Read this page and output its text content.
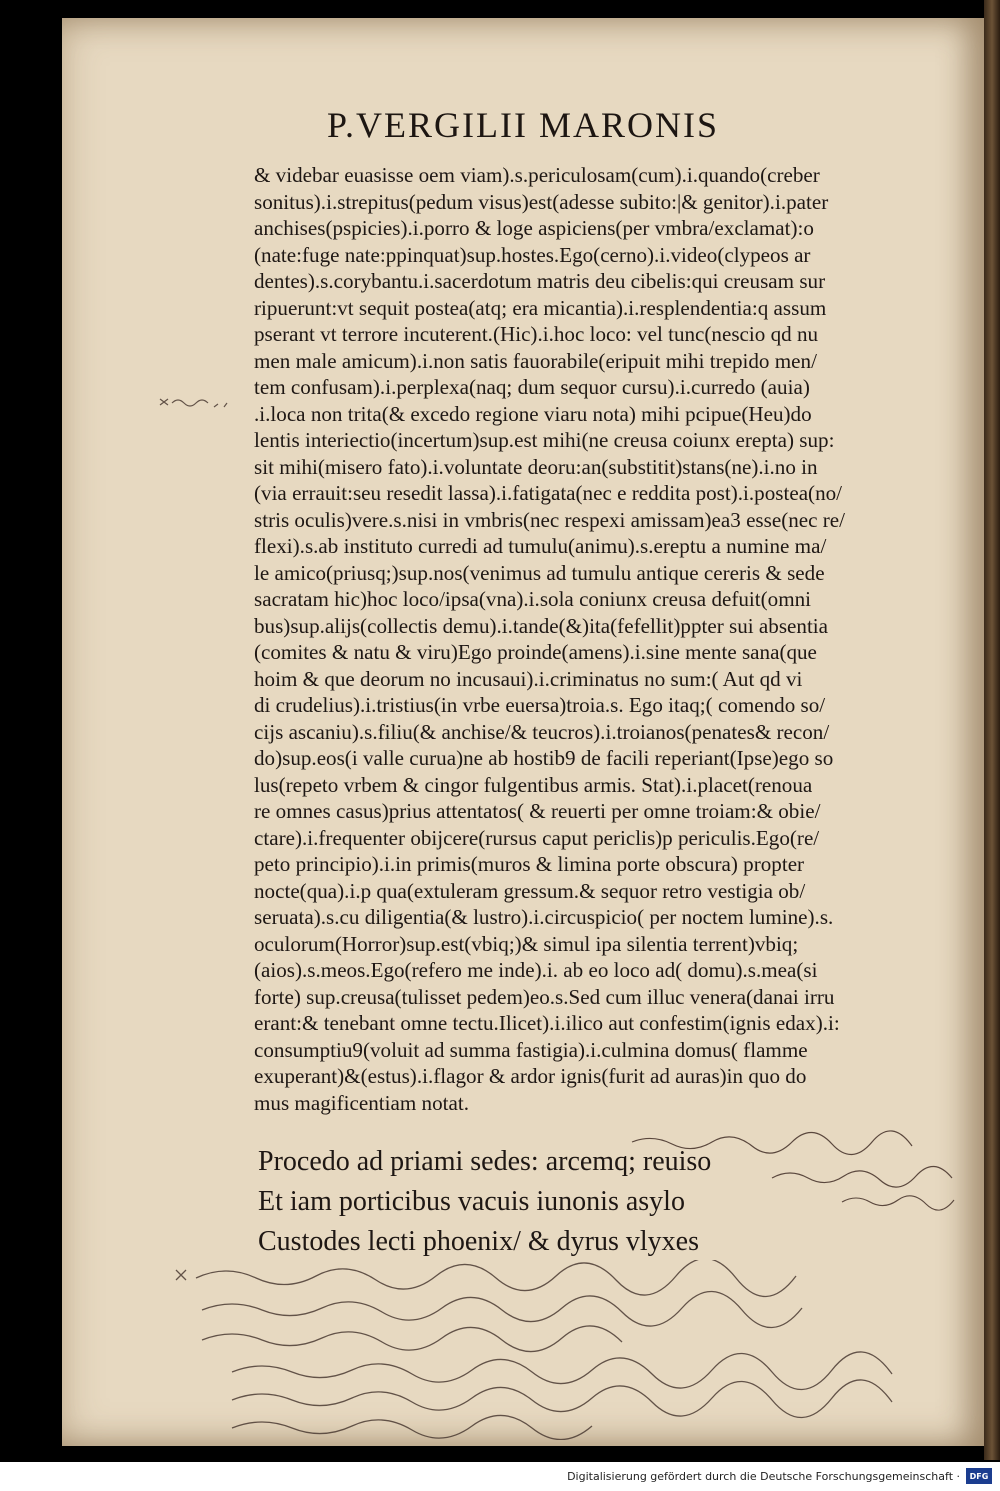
P.VERGILII MARONIS
& videbar euasisse oem viam).s.periculosam(cum).i.quando(creber
sonitus).i.strepitus(pedum visus)est(adesse subito:|& genitor).i.pater
anchises(pspicies).i.porro & loge aspiciens(per vmbra/exclamat):o
(nate:fuge nate:ppinquat)sup.hostes.Ego(cerno).i.video(clypeos ar
dentes).s.corybantu.i.sacerdotum matris deu cibelis:qui creusam sur
ripuerunt:vt sequit postea(atq; era micantia).i.resplendentia:q assum
pserant vt terrore incuterent.(Hic).i.hoc loco: vel tunc(nescio qd nu
men male amicum).i.non satis fauorabile(eripuit mihi trepido men/
tem confusam).i.perplexa(naq; dum sequor cursu).i.curredo (auia)
.i.loca non trita(& excedo regione viaru nota) mihi pcipue(Heu)do
lentis interiectio(incertum)sup.est mihi(ne creusa coiunx erepta) sup:
sit mihi(misero fato).i.voluntate deoru:an(substitit)stans(ne).i.no in
(via errauit:seu resedit lassa).i.fatigata(nec e reddita post).i.postea(no/
stris oculis)vere.s.nisi in vmbris(nec respexi amissam)ea3 esse(nec re/
flexi).s.ab instituto curredi ad tumulu(animu).s.ereptu a numine ma/
le amico(priusq;)sup.nos(venimus ad tumulu antique cereris & sede
sacratam hic)hoc loco/ipsa(vna).i.sola coniunx creusa defuit(omni
bus)sup.alijs(collectis demu).i.tande(&)ita(fefellit)ppter sui absentia
(comites & natu & viru)Ego proinde(amens).i.sine mente sana(que
hoim & que deorum no incusaui).i.criminatus no sum:( Aut qd vi
di crudelius).i.tristius(in vrbe euersa)troia.s. Ego itaq;( comendo so/
cijs ascaniu).s.filiu(& anchise/& teucros).i.troianos(penates& recon/
do)sup.eos(i valle curua)ne ab hostib9 de facili reperiant(Ipse)ego so
lus(repeto vrbem & cingor fulgentibus armis. Stat).i.placet(renoua
re omnes casus)prius attentatos( & reuerti per omne troiam:& obie/
ctare).i.frequenter obijcere(rursus caput periclis)p periculis.Ego(re/
peto principio).i.in primis(muros & limina porte obscura) propter
nocte(qua).i.p qua(extuleram gressum.& sequor retro vestigia ob/
seruata).s.cu diligentia(& lustro).i.circuspicio( per noctem lumine).s.
oculorum(Horror)sup.est(vbiq;)& simul ipa silentia terrent)vbiq;
(aios).s.meos.Ego(refero me inde).i. ab eo loco ad( domu).s.mea(si
forte) sup.creusa(tulisset pedem)eo.s.Sed cum illuc venera(danai irru
erant:& tenebant omne tectu.Ilicet).i.ilico aut confestim(ignis edax).i:
consumptiu9(voluit ad summa fastigia).i.culmina domus( flamme
exuperant)&(estus).i.flagor & ardor ignis(furit ad auras)in quo do
mus magificentiam notat.
Procedo ad priami sedes: arcemq; reuiso
Et iam porticibus vacuis iunonis asylo
Custodes lecti phoenix/ & dyrus vlyxes
Digitalisierung gefördert durch die Deutsche Forschungsgemeinschaft ·	DFG
